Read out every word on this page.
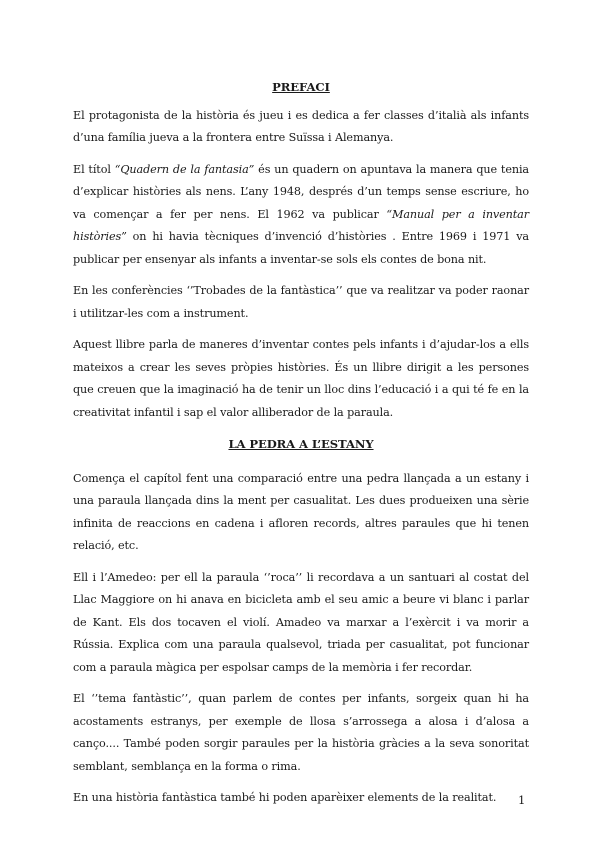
PREFACI

El protagonista de la història és jueu i es dedica a fer classes d’italià als infants d’una família jueva a la frontera entre Suïssa i Alemanya.

El títol “Quadern de la fantasia” és un quadern on apuntava la manera que tenia d’explicar històries als nens. L’any 1948, després d’un temps sense escriure, ho va començar a fer per nens. El 1962 va publicar “Manual per a inventar històries” on hi havia tècniques d’invenció d’històries . Entre 1969 i 1971 va publicar per ensenyar als infants a inventar-se sols els contes de bona nit.

En les conferències ‘’Trobades de la fantàstica’’ que va realitzar va poder raonar i utilitzar-les com a instrument.

Aquest llibre parla de maneres d’inventar contes pels infants i d’ajudar-los a ells mateixos a crear les seves pròpies històries. És un llibre dirigit a les persones que creuen que la imaginació ha de tenir un lloc dins l’educació i a qui té fe en la creativitat infantil i sap el valor alliberador de la paraula.

LA PEDRA A L’ESTANY

Comença el capítol fent una comparació entre una pedra llançada a un estany i una paraula llançada dins la ment per casualitat. Les dues produeixen una sèrie infinita de reaccions en cadena i afloren records, altres paraules que hi tenen relació, etc.

Ell i l’Amedeo: per ell la paraula ‘’roca’’ li recordava a un santuari al costat del Llac Maggiore on hi anava en bicicleta amb el seu amic a beure vi blanc i parlar de Kant. Els dos tocaven el violí. Amadeo va marxar a l’exèrcit i va morir a Rússia. Explica com una paraula qualsevol, triada per casualitat, pot funcionar com a paraula màgica per espolsar camps de la memòria i fer recordar.

El ‘’tema fantàstic’’, quan parlem de contes per infants, sorgeix quan hi ha acostaments estranys, per exemple de llosa s’arrossega a alosa i d’alosa a canço.... També poden sorgir paraules per la història gràcies a la seva sonoritat semblant, semblança en la forma o rima.

En una història fantàstica també hi poden aparèixer elements de la realitat.	1
